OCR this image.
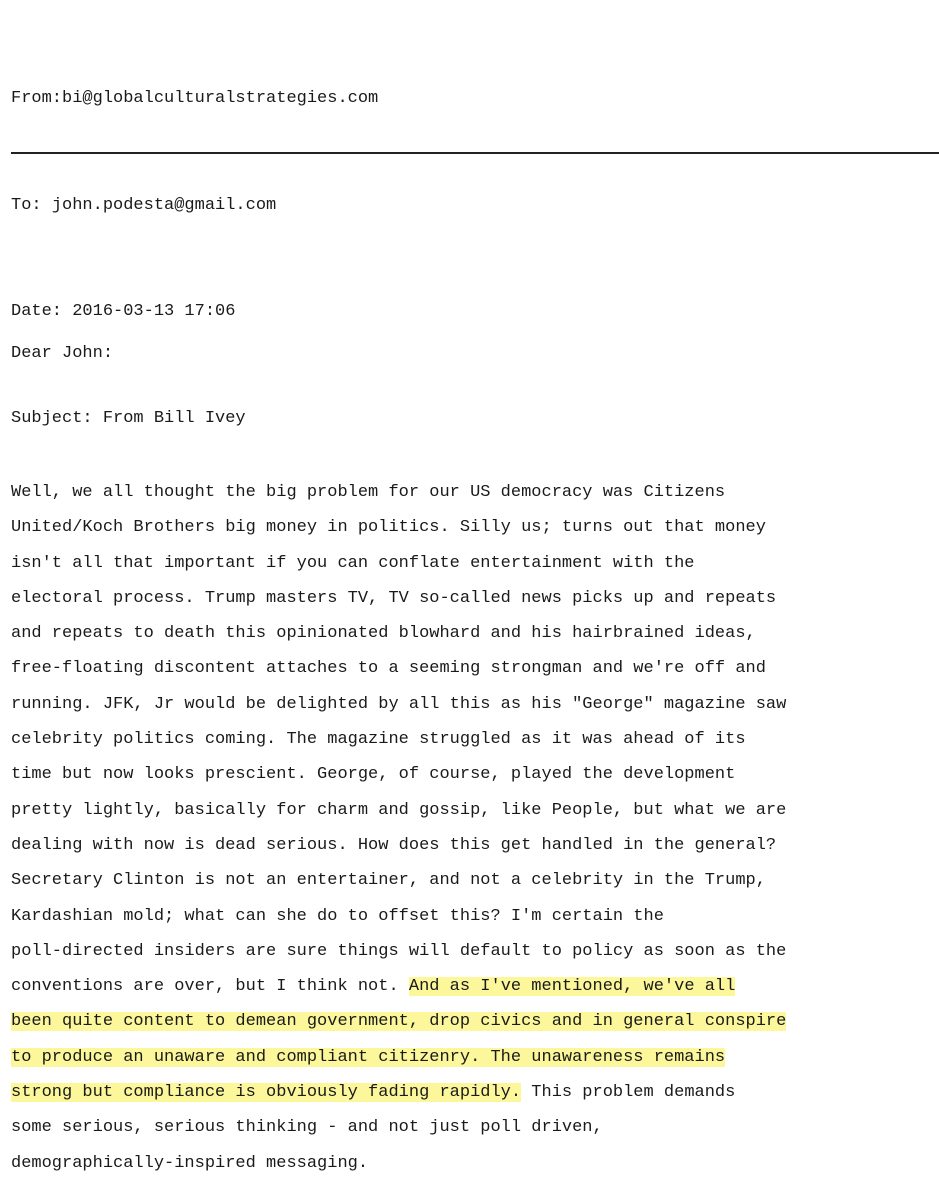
From:bi@globalculturalstrategies.com

To: john.podesta@gmail.com

Date: 2016-03-13 17:06

Subject: From Bill Ivey

Dear John:
Well, we all thought the big problem for our US democracy was Citizens
United/Koch Brothers big money in politics. Silly us; turns out that money
isn't all that important if you can conflate entertainment with the
electoral process. Trump masters TV, TV so-called news picks up and repeats
and repeats to death this opinionated blowhard and his hairbrained ideas,
free-floating discontent attaches to a seeming strongman and we're off and
running. JFK, Jr would be delighted by all this as his "George" magazine saw
celebrity politics coming. The magazine struggled as it was ahead of its
time but now looks prescient. George, of course, played the development
pretty lightly, basically for charm and gossip, like People, but what we are
dealing with now is dead serious. How does this get handled in the general?
Secretary Clinton is not an entertainer, and not a celebrity in the Trump,
Kardashian mold; what can she do to offset this? I'm certain the
poll-directed insiders are sure things will default to policy as soon as the
conventions are over, but I think not. And as I've mentioned, we've all
been quite content to demean government, drop civics and in general conspire
to produce an unaware and compliant citizenry. The unawareness remains
strong but compliance is obviously fading rapidly. This problem demands
some serious, serious thinking - and not just poll driven,
demographically-inspired messaging.
